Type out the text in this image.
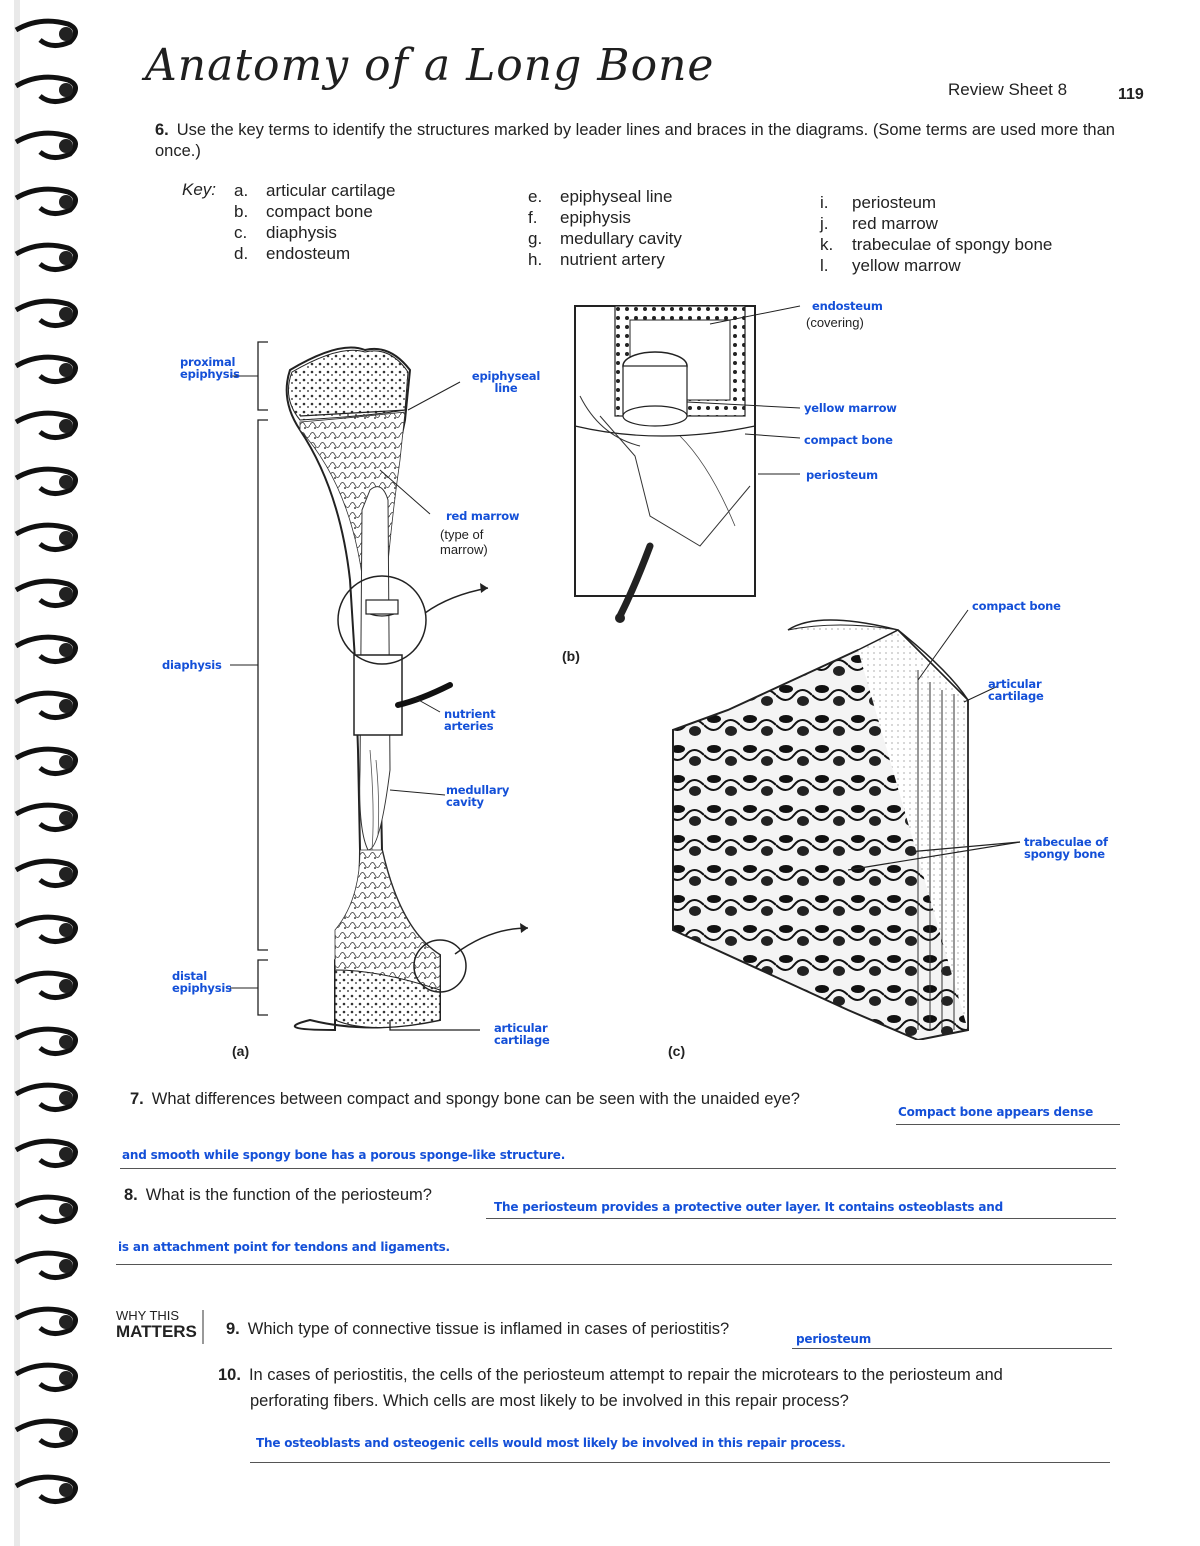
Anatomy of a Long Bone	Review Sheet 8	119
6. Use the key terms to identify the structures marked by leader lines and braces in the diagrams. (Some terms are used more than once.)
Key: a.	articular cartilage
b.	compact bone
c.	diaphysis
d.	endosteum
e.	epiphyseal line
f.	epiphysis
g.	medullary cavity
h.	nutrient artery
i.	periosteum
j.	red marrow
k.	trabeculae of spongy bone
l.	yellow marrow
proximal epiphysis	epiphyseal line
red marrow
(type of marrow)
diaphysis
nutrient arteries
medullary cavity
distal epiphysis
articular cartilage
(a)
endosteum
(covering)
yellow marrow
compact bone
periosteum
(b)
compact bone
articular cartilage
trabeculae of spongy bone
(c)
7. What differences between compact and spongy bone can be seen with the unaided eye?
Compact bone appears dense
and smooth while spongy bone has a porous sponge-like structure.
8. What is the function of the periosteum?
The periosteum provides a protective outer layer. It contains osteoblasts and
is an attachment point for tendons and ligaments.
WHY THIS
MATTERS 9. Which type of connective tissue is inflamed in cases of periostitis?
periosteum
10. In cases of periostitis, the cells of the periosteum attempt to repair the microtears to the periosteum and
perforating fibers. Which cells are most likely to be involved in this repair process?
The osteoblasts and osteogenic cells would most likely be involved in this repair process.
